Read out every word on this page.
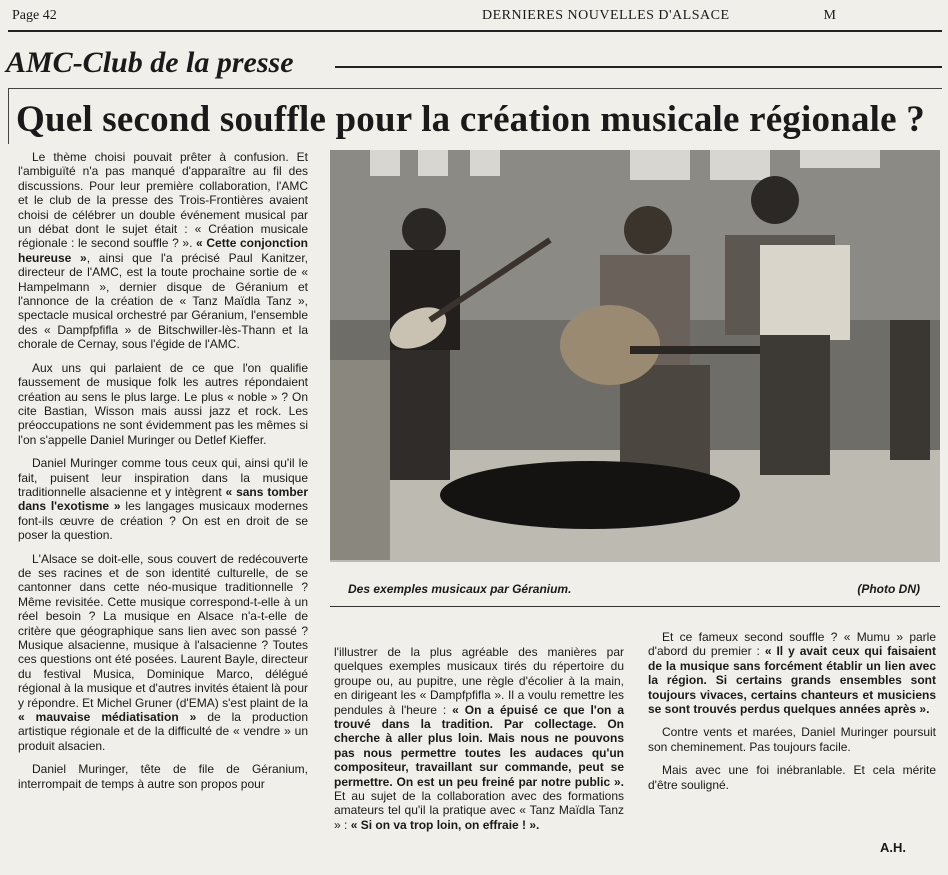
Page 42	DERNIERES NOUVELLES D'ALSACE	M
AMC-Club de la presse
Quel second souffle pour la création musicale régionale ?

Le thème choisi pouvait prêter à confusion. Et l'ambiguïté n'a pas manqué d'apparaître au fil des discussions. Pour leur première collaboration, l'AMC et le club de la presse des Trois-Frontières avaient choisi de célébrer un double événement musical par un débat dont le sujet était : « Création musicale régionale : le second souffle ? ». « Cette conjonction heureuse », ainsi que l'a précisé Paul Kanitzer, directeur de l'AMC, est la toute prochaine sortie de « Hampelmann », dernier disque de Géranium et l'annonce de la création de « Tanz Maïdla Tanz », spectacle musical orchestré par Géranium, l'ensemble des « Dampfpfifla » de Bitschwiller-lès-Thann et la chorale de Cernay, sous l'égide de l'AMC.

Aux uns qui parlaient de ce que l'on qualifie faussement de musique folk les autres répondaient création au sens le plus large. Le plus « noble » ? On cite Bastian, Wisson mais aussi jazz et rock. Les préoccupations ne sont évidemment pas les mêmes si l'on s'appelle Daniel Muringer ou Detlef Kieffer.

Daniel Muringer comme tous ceux qui, ainsi qu'il le fait, puisent leur inspiration dans la musique traditionnelle alsacienne et y intègrent « sans tomber dans l'exotisme » les langages musicaux modernes font-ils œuvre de création ? On est en droit de se poser la question.

L'Alsace se doit-elle, sous couvert de redécouverte de ses racines et de son identité culturelle, de se cantonner dans cette néo-musique traditionnelle ? Même revisitée. Cette musique correspond-t-elle à un réel besoin ? La musique en Alsace n'a-t-elle de critère que géographique sans lien avec son passé ? Musique alsacienne, musique à l'alsacienne ? Toutes ces questions ont été posées. Laurent Bayle, directeur du festival Musica, Dominique Marco, délégué régional à la musique et d'autres invités étaient là pour y répondre. Et Michel Gruner (d'EMA) s'est plaint de la « mauvaise médiatisation » de la production artistique régionale et de la difficulté de « vendre » un produit alsacien.

Daniel Muringer, tête de file de Géranium, interrompait de temps à autre son propos pour

Des exemples musicaux par Géranium.	(Photo DN)

l'illustrer de la plus agréable des manières par quelques exemples musicaux tirés du répertoire du groupe ou, au pupitre, une règle d'écolier à la main, en dirigeant les « Dampfpfifla ». Il a voulu remettre les pendules à l'heure : « On a épuisé ce que l'on a trouvé dans la tradition. Par collectage. On cherche à aller plus loin. Mais nous ne pouvons pas nous permettre toutes les audaces qu'un compositeur, travaillant sur commande, peut se permettre. On est un peu freiné par notre public ». Et au sujet de la collaboration avec des formations amateurs tel qu'il la pratique avec « Tanz Maïdla Tanz » : « Si on va trop loin, on effraie ! ».

Et ce fameux second souffle ? « Mumu » parle d'abord du premier : « Il y avait ceux qui faisaient de la musique sans forcément établir un lien avec la région. Si certains grands ensembles sont toujours vivaces, certains chanteurs et musiciens se sont trouvés perdus quelques années après ».

Contre vents et marées, Daniel Muringer poursuit son cheminement. Pas toujours facile.

Mais avec une foi inébranlable. Et cela mérite d'être souligné.

A.H.
